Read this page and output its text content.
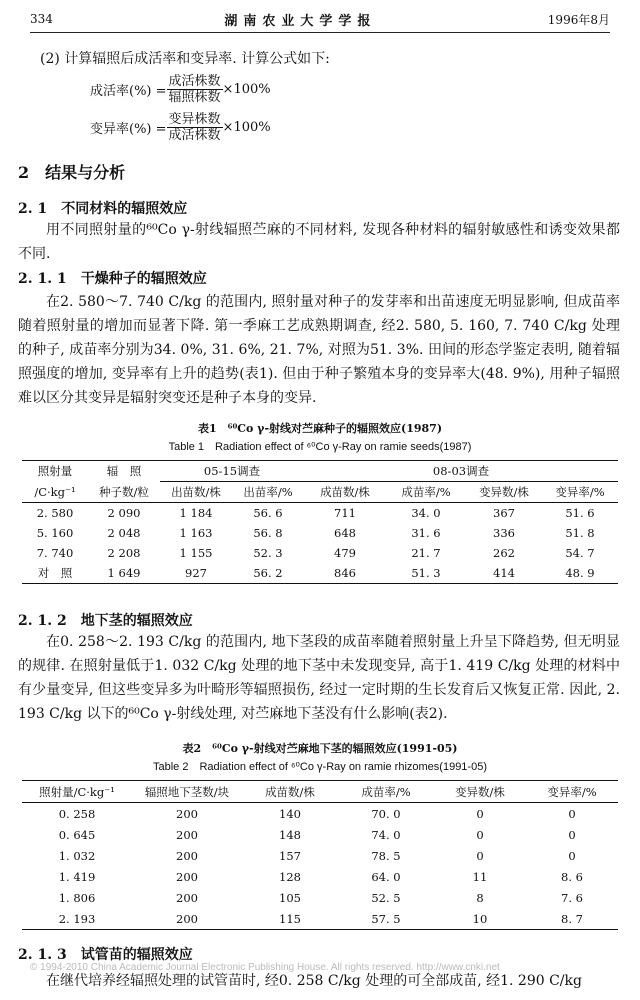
334	湖南农业大学学报	1996年8月
(2) 计算辐照后成活率和变异率. 计算公式如下:
成活率(%) = $\frac{\text{成活株数}}{\text{辐照株数}} \times 100\%$
变异率(%) = $\frac{\text{变异株数}}{\text{成活株数}} \times 100\%$
2　结果与分析
2. 1　不同材料的辐照效应
用不同照射量的⁶⁰Co γ-射线辐照苎麻的不同材料, 发现各种材料的辐射敏感性和诱变效果都不同.
2. 1. 1　干燥种子的辐照效应
在2. 580～7. 740 C/kg 的范围内, 照射量对种子的发芽率和出苗速度无明显影响, 但成苗率随着照射量的增加而显著下降. 第一季麻工艺成熟期调查, 经2. 580, 5. 160, 7. 740 C/kg 处理的种子, 成苗率分别为34. 0%, 31. 6%, 21. 7%, 对照为51. 3%. 田间的形态学鉴定表明, 随着辐照强度的增加, 变异率有上升的趋势(表1). 但由于种子繁殖本身的变异率大(48. 9%), 用种子辐照难以区分其变异是辐射突变还是种子本身的变异.
表1　⁶⁰Co γ-射线对苎麻种子的辐照效应(1987)
Table 1　Radiation effect of ⁶⁰Co γ-Ray on ramie seeds(1987)
照射量	辐　照	05-15调查		08-03调查			
/C·kg⁻¹	种子数/粒	出苗数/株	出苗率/%	成苗数/株	成苗率/%	变异数/株	变异率/%
2. 580	2 090	1 184	56. 6	711	34. 0	367	51. 6
5. 160	2 048	1 163	56. 8	648	31. 6	336	51. 8
7. 740	2 208	1 155	52. 3	479	21. 7	262	54. 7
对　照	1 649	927	56. 2	846	51. 3	414	48. 9
2. 1. 2　地下茎的辐照效应
在0. 258～2. 193 C/kg 的范围内, 地下茎段的成苗率随着照射量上升呈下降趋势, 但无明显的规律. 在照射量低于1. 032 C/kg 处理的地下茎中未发现变异, 高于1. 419 C/kg 处理的材料中有少量变异, 但这些变异多为叶畸形等辐照损伤, 经过一定时期的生长发育后又恢复正常. 因此, 2. 193 C/kg 以下的⁶⁰Co γ-射线处理, 对苎麻地下茎没有什么影响(表2).
表2　⁶⁰Co γ-射线对苎麻地下茎的辐照效应(1991-05)
Table 2　Radiation effect of ⁶⁰Co γ-Ray on ramie rhizomes(1991-05)
照射量/C·kg⁻¹	辐照地下茎数/块	成苗数/株	成苗率/%	变异数/株	变异率/%
0. 258	200	140	70. 0	0	0
0. 645	200	148	74. 0	0	0
1. 032	200	157	78. 5	0	0
1. 419	200	128	64. 0	11	8. 6
1. 806	200	105	52. 5	8	7. 6
2. 193	200	115	57. 5	10	8. 7
2. 1. 3　试管苗的辐照效应
在继代培养经辐照处理的试管苗时, 经0. 258 C/kg 处理的可全部成苗, 经1. 290 C/kg
© 1994-2010 China Academic Journal Electronic Publishing House. All rights reserved. http://www.cnki.net
